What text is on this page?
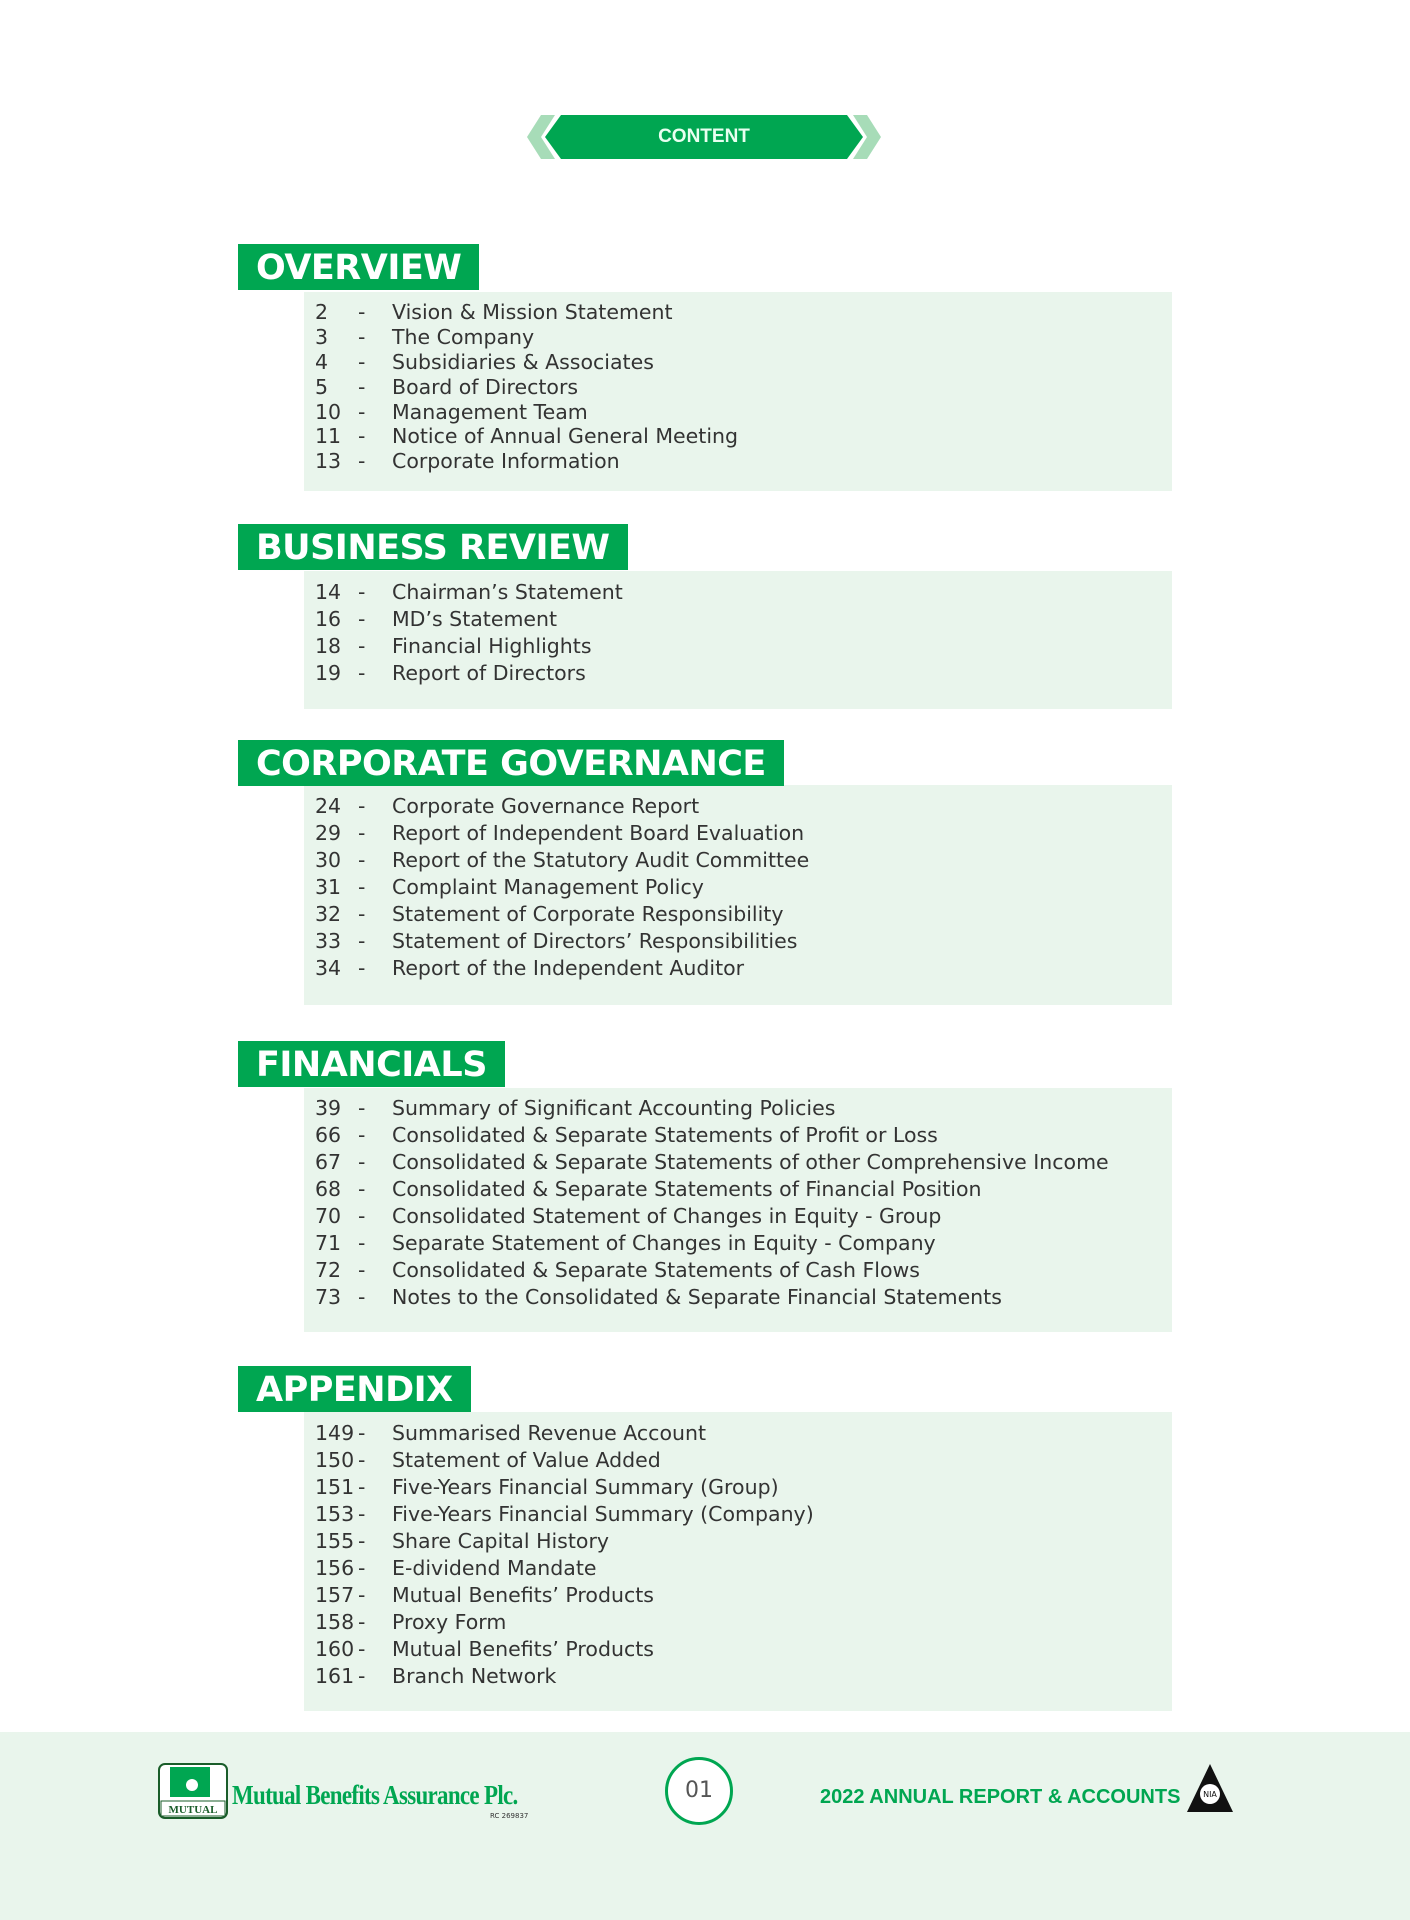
CONTENT
OVERVIEW
2 - Vision & Mission Statement
3 - The Company
4 - Subsidiaries & Associates
5 - Board of Directors
10 - Management Team
11 - Notice of Annual General Meeting
13 - Corporate Information
BUSINESS REVIEW
14 - Chairman’s Statement
16 - MD’s Statement
18 - Financial Highlights
19 - Report of Directors
CORPORATE GOVERNANCE
24 - Corporate Governance Report
29 - Report of Independent Board Evaluation
30 - Report of the Statutory Audit Committee
31 - Complaint Management Policy
32 - Statement of Corporate Responsibility
33 - Statement of Directors’ Responsibilities
34 - Report of the Independent Auditor
FINANCIALS
39 - Summary of Significant Accounting Policies
66 - Consolidated & Separate Statements of Profit or Loss
67 - Consolidated & Separate Statements of other Comprehensive Income
68 - Consolidated & Separate Statements of Financial Position
70 - Consolidated Statement of Changes in Equity - Group
71 - Separate Statement of Changes in Equity - Company
72 - Consolidated & Separate Statements of Cash Flows
73 - Notes to the Consolidated & Separate Financial Statements
APPENDIX
149 - Summarised Revenue Account
150 - Statement of Value Added
151 - Five-Years Financial Summary (Group)
153 - Five-Years Financial Summary (Company)
155 - Share Capital History
156 - E-dividend Mandate
157 - Mutual Benefits’ Products
158 - Proxy Form
160 - Mutual Benefits’ Products
161 - Branch Network
MUTUAL Mutual Benefits Assurance Plc.
RC 269837
01	2022 ANNUAL REPORT & ACCOUNTS	NIA
